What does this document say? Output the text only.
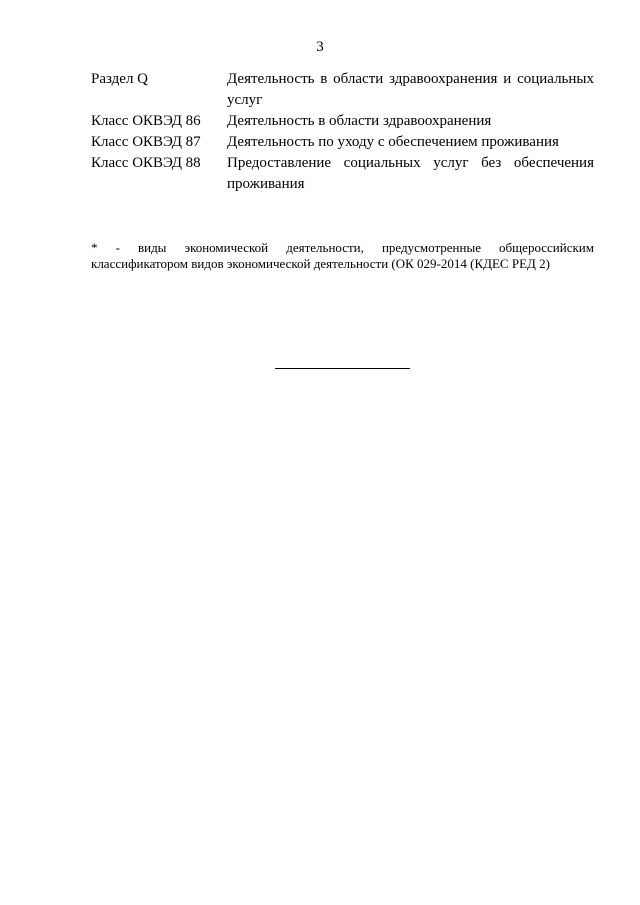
3
Раздел Q	Деятельность в области здравоохранения и социальных услуг
Класс ОКВЭД 86	Деятельность в области здравоохранения
Класс ОКВЭД 87	Деятельность по уходу с обеспечением проживания
Класс ОКВЭД 88	Предоставление социальных услуг без обеспечения проживания
* - виды экономической деятельности, предусмотренные общероссийским
классификатором видов экономической деятельности (ОК 029-2014 (КДЕС РЕД 2)
